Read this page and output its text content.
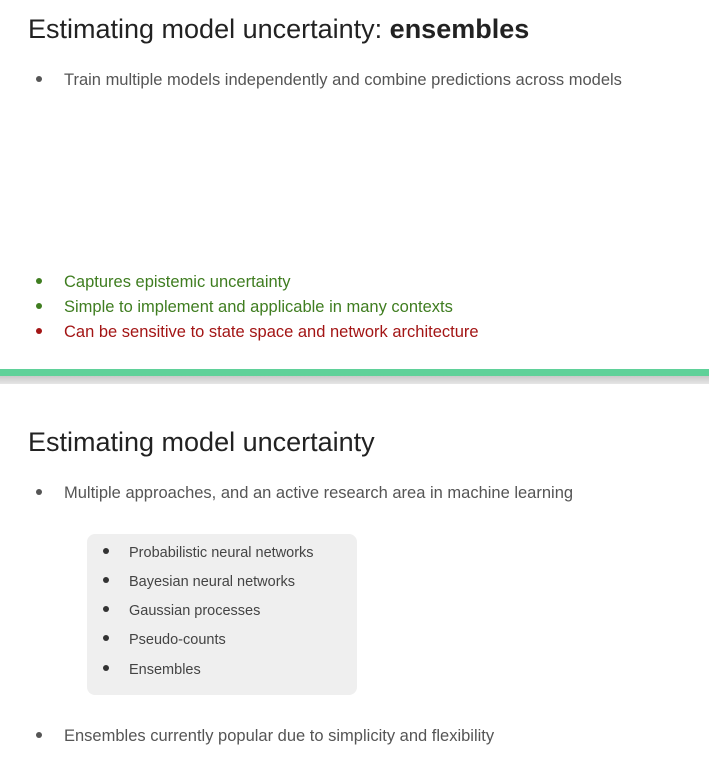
Estimating model uncertainty: ensembles
Train multiple models independently and combine predictions across models
Captures epistemic uncertainty
Simple to implement and applicable in many contexts
Can be sensitive to state space and network architecture
Estimating model uncertainty
Multiple approaches, and an active research area in machine learning
Probabilistic neural networks
Bayesian neural networks
Gaussian processes
Pseudo-counts
Ensembles
Ensembles currently popular due to simplicity and flexibility
